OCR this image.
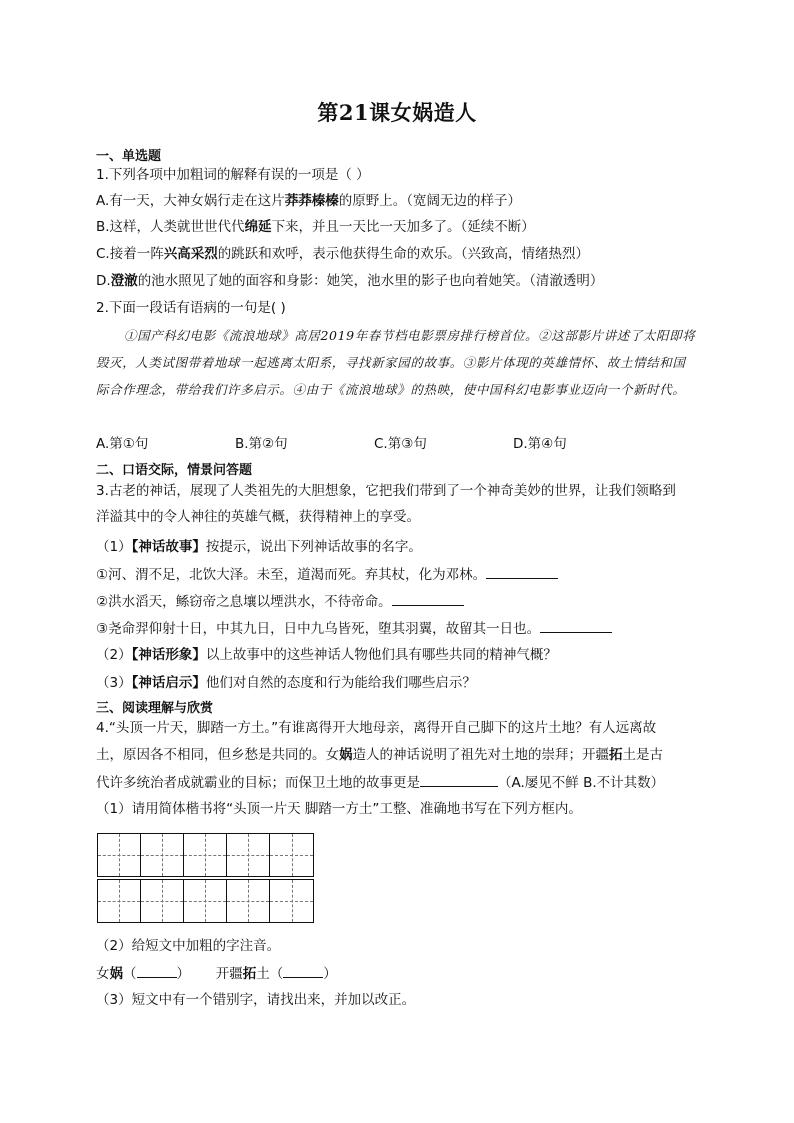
第21课女娲造人
一、单选题
1.下列各项中加粗词的解释有误的一项是（ ）
A.有一天，大神女娲行走在这片莽莽榛榛的原野上。（宽阔无边的样子）
B.这样，人类就世世代代绵延下来，并且一天比一天加多了。（延续不断）
C.接着一阵兴高采烈的跳跃和欢呼，表示他获得生命的欢乐。（兴致高，情绪热烈）
D.澄澈的池水照见了她的面容和身影：她笑，池水里的影子也向着她笑。（清澈透明）
2.下面一段话有语病的一句是( )
①国产科幻电影《流浪地球》高居2019年春节档电影票房排行榜首位。②这部影片讲述了太阳即将毁灭，人类试图带着地球一起逃离太阳系，寻找新家园的故事。③影片体现的英雄情怀、故土情结和国际合作理念，带给我们许多启示。④由于《流浪地球》的热映，使中国科幻电影事业迈向一个新时代。
A.第①句	B.第②句	C.第③句	D.第④句
二、口语交际，情景问答题
3.古老的神话，展现了人类祖先的大胆想象，它把我们带到了一个神奇美妙的世界，让我们领略到
洋溢其中的令人神往的英雄气概，获得精神上的享受。
（1）【神话故事】按提示，说出下列神话故事的名字。
①河、渭不足，北饮大泽。未至，道渴而死。弃其杖，化为邓林。
②洪水滔天，鲧窃帝之息壤以堙洪水，不待帝命。
③尧命羿仰射十日，中其九日，日中九乌皆死，堕其羽翼，故留其一日也。
（2）【神话形象】以上故事中的这些神话人物他们具有哪些共同的精神气概？
（3）【神话启示】他们对自然的态度和行为能给我们哪些启示？
三、阅读理解与欣赏
4.“头顶一片天，脚踏一方土。”有谁离得开大地母亲，离得开自己脚下的这片土地？有人远离故
土，原因各不相同，但乡愁是共同的。女娲造人的神话说明了祖先对土地的崇拜；开疆拓土是古
代许多统治者成就霸业的目标；而保卫土地的故事更是	（A.屡见不鲜 B.不计其数）
（1）请用简体楷书将“头顶一片天 脚踏一方土”工整、准确地书写在下列方框内。
（2）给短文中加粗的字注音。
女娲（	）      开疆拓土（	）
（3）短文中有一个错别字，请找出来，并加以改正。
